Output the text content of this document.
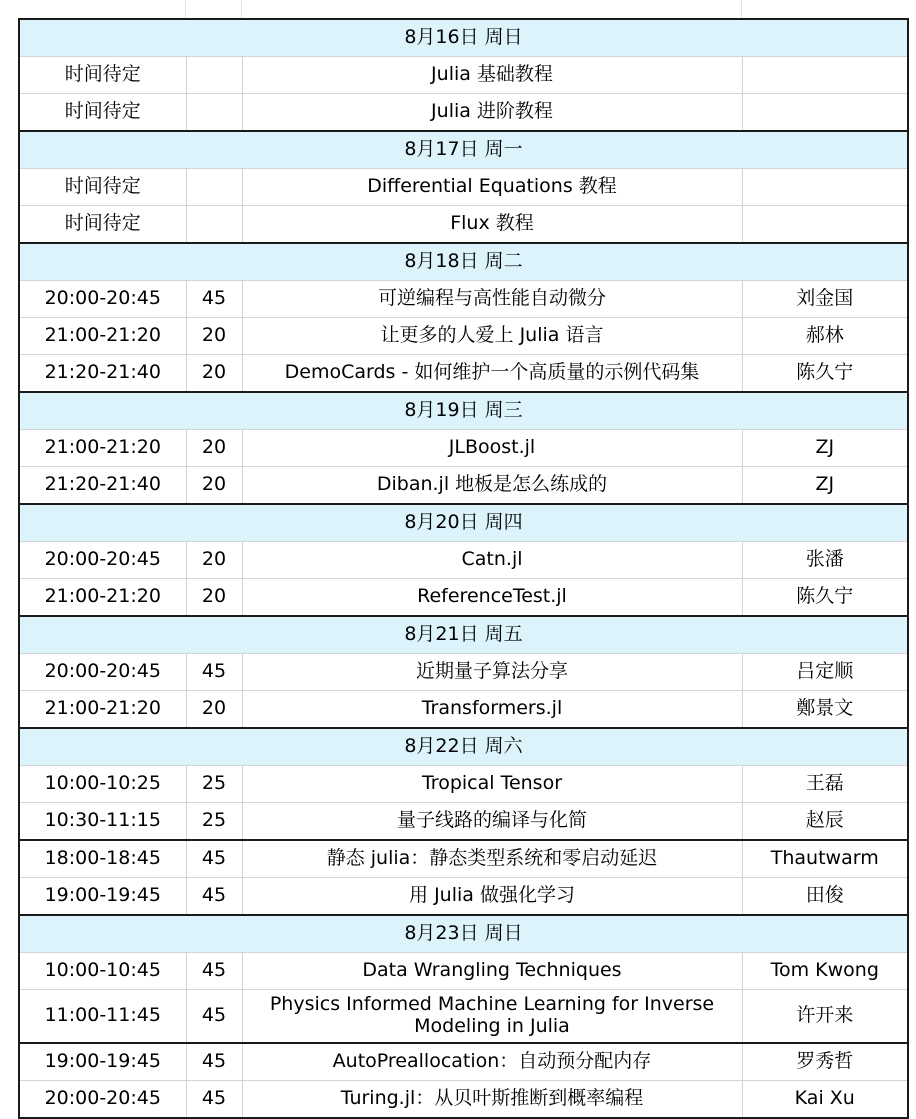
8月16日 周日			
时间待定		Julia 基础教程	
时间待定		Julia 进阶教程	
8月17日 周一			
时间待定		Differential Equations 教程	
时间待定		Flux 教程	
8月18日 周二			
20:00-20:45	45	可逆编程与高性能自动微分	刘金国
21:00-21:20	20	让更多的人爱上 Julia 语言	郝林
21:20-21:40	20	DemoCards - 如何维护一个高质量的示例代码集	陈久宁
8月19日 周三			
21:00-21:20	20	JLBoost.jl	ZJ
21:20-21:40	20	Diban.jl 地板是怎么练成的	ZJ
8月20日 周四			
20:00-20:45	20	Catn.jl	张潘
21:00-21:20	20	ReferenceTest.jl	陈久宁
8月21日 周五			
20:00-20:45	45	近期量子算法分享	吕定顺
21:00-21:20	20	Transformers.jl	鄭景文
8月22日 周六			
10:00-10:25	25	Tropical Tensor	王磊
10:30-11:15	25	量子线路的编译与化简	赵辰
18:00-18:45	45	静态 julia：静态类型系统和零启动延迟	Thautwarm
19:00-19:45	45	用 Julia 做强化学习	田俊
8月23日 周日			
10:00-10:45	45	Data Wrangling Techniques	Tom Kwong
11:00-11:45	45	Physics Informed Machine Learning for Inverse Modeling in Julia	许开来
19:00-19:45	45	AutoPreallocation：自动预分配内存	罗秀哲
20:00-20:45	45	Turing.jl：从贝叶斯推断到概率编程	Kai Xu
